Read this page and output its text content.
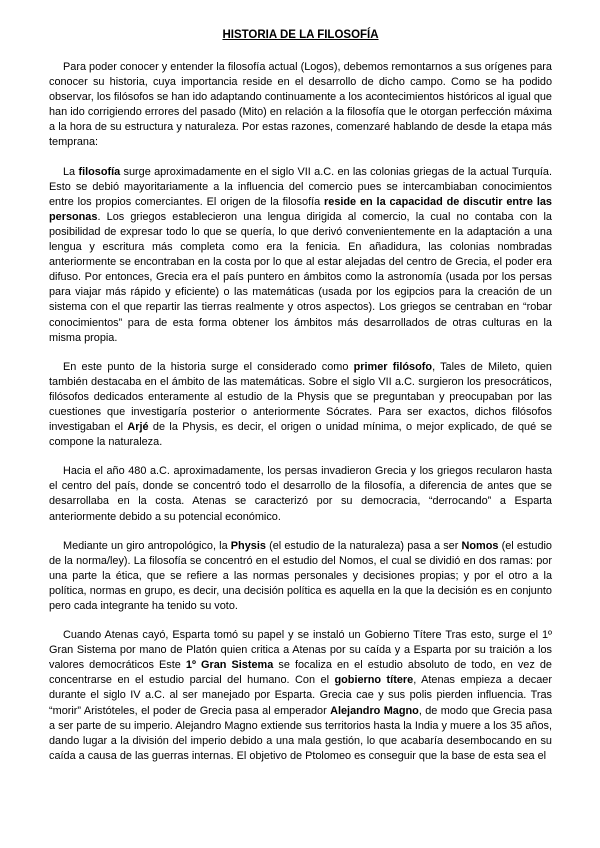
HISTORIA DE LA FILOSOFÍA

Para poder conocer y entender la filosofía actual (Logos), debemos remontarnos a sus orígenes para conocer su historia, cuya importancia reside en el desarrollo de dicho campo. Como se ha podido observar, los filósofos se han ido adaptando continuamente a los acontecimientos históricos al igual que han ido corrigiendo errores del pasado (Mito) en relación a la filosofía que le otorgan perfección máxima a la hora de su estructura y naturaleza. Por estas razones, comenzaré hablando de desde la etapa más temprana:

La filosofía surge aproximadamente en el siglo VII a.C. en las colonias griegas de la actual Turquía. Esto se debió mayoritariamente a la influencia del comercio pues se intercambiaban conocimientos entre los propios comerciantes. El origen de la filosofía reside en la capacidad de discutir entre las personas. Los griegos establecieron una lengua dirigida al comercio, la cual no contaba con la posibilidad de expresar todo lo que se quería, lo que derivó convenientemente en la adaptación a una lengua y escritura más completa como era la fenicia. En añadidura, las colonias nombradas anteriormente se encontraban en la costa por lo que al estar alejadas del centro de Grecia, el poder era difuso. Por entonces, Grecia era el país puntero en ámbitos como la astronomía (usada por los persas para viajar más rápido y eficiente) o las matemáticas (usada por los egipcios para la creación de un sistema con el que repartir las tierras realmente y otros aspectos). Los griegos se centraban en “robar conocimientos” para de esta forma obtener los ámbitos más desarrollados de otras culturas en la misma propia.

En este punto de la historia surge el considerado como primer filósofo, Tales de Mileto, quien también destacaba en el ámbito de las matemáticas. Sobre el siglo VII a.C. surgieron los presocráticos, filósofos dedicados enteramente al estudio de la Physis que se preguntaban y preocupaban por las cuestiones que investigaría posterior o anteriormente Sócrates. Para ser exactos, dichos filósofos investigaban el Arjé de la Physis, es decir, el origen o unidad mínima, o mejor explicado, de qué se compone la naturaleza.

Hacia el año 480 a.C. aproximadamente, los persas invadieron Grecia y los griegos recularon hasta el centro del país, donde se concentró todo el desarrollo de la filosofía, a diferencia de antes que se desarrollaba en la costa. Atenas se caracterizó por su democracia, “derrocando” a Esparta anteriormente debido a su potencial económico.

Mediante un giro antropológico, la Physis (el estudio de la naturaleza) pasa a ser Nomos (el estudio de la norma/ley). La filosofía se concentró en el estudio del Nomos, el cual se dividió en dos ramas: por una parte la ética, que se refiere a las normas personales y decisiones propias; y por el otro a la política, normas en grupo, es decir, una decisión política es aquella en la que la decisión es en conjunto pero cada integrante ha tenido su voto.

Cuando Atenas cayó, Esparta tomó su papel y se instaló un Gobierno Títere Tras esto, surge el 1º Gran Sistema por mano de Platón quien critica a Atenas por su caída y a Esparta por su traición a los valores democráticos Este 1º Gran Sistema se focaliza en el estudio absoluto de todo, en vez de concentrarse en el estudio parcial del humano. Con el gobierno títere, Atenas empieza a decaer durante el siglo IV a.C. al ser manejado por Esparta. Grecia cae y sus polis pierden influencia. Tras “morir” Aristóteles, el poder de Grecia pasa al emperador Alejandro Magno, de modo que Grecia pasa a ser parte de su imperio. Alejandro Magno extiende sus territorios hasta la India y muere a los 35 años, dando lugar a la división del imperio debido a una mala gestión, lo que acabaría desembocando en su caída a causa de las guerras internas. El objetivo de Ptolomeo es conseguir que la base de esta sea el
